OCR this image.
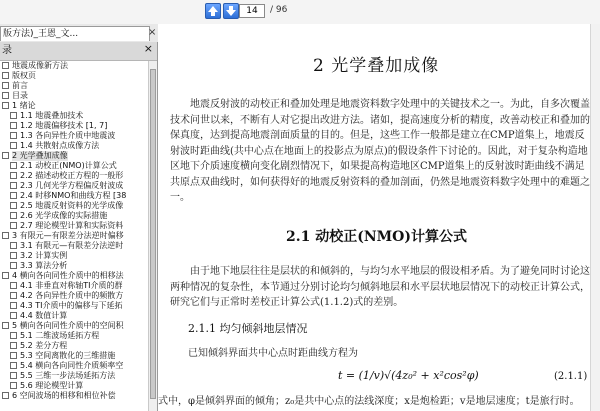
14
/ 96
版方法)_王恩_文...	×
录	×
地震成像新方法
版权页
前言
目录
1 绪论
1.1 地震叠加技术
1.2 地震偏移技术 [1, 7]
1.3 各向异性介质中地震波
1.4 共散射点成像方法
2 光学叠加成像
2.1 动校正(NMO)计算公式
2.2 描述动校正方程的一般形
2.3 几何光学方程偏反射波成
2.4 时移NMO和曲线方程 [38
2.5 地震反射资料的光学成像
2.6 光学成像的实际措施
2.7 理论模型计算和实际资料
3 有限元—有限差分法逆时偏移
3.1 有限元—有限差分法逆时
3.2 计算实例
3.3 算法分析
4 横向各向同性介质中的相移法
4.1 非垂直对称轴TI介质的群
4.2 各向异性介质中的频散方
4.3 TI介质中的偏移与下延拓
4.4 数值计算
5 横向各向同性介质中的空间积
5.1 二维波场延拓方程
5.2 差分方程
5.3 空间离散化的三维措施
5.4 横向各向同性介质频率空
5.5 三维一步法场延拓方法
5.6 理论模型计算
6 空间波场的相移和相位补偿
2 光学叠加成像
地震反射波的动校正和叠加处理是地震资料数字处理中的关键技术之一。为此，自多次覆盖技术问世以来，不断有人对它提出改进方法。诸如，提高速度分析的精度，改善动校正和叠加的保真度，达到提高地震剖面质量的目的。但是，这些工作一般都是建立在CMP道集上，地震反射波时距曲线(共中心点在地面上的投影点为原点)的假设条件下讨论的。因此，对于复杂构造地区地下介质速度横向变化剧烈情况下，如果提高构造地区CMP道集上的反射波时距曲线不满足共原点双曲线时，如何获得好的地震反射资料的叠加剖面，仍然是地震资料数字处理中的难题之一。
2.1 动校正(NMO)计算公式
由于地下地层往往是层状的和倾斜的，与均匀水平地层的假设相矛盾。为了避免同时讨论这两种情况的复杂性，本节通过分别讨论均匀倾斜地层和水平层状地层情况下的动校正计算公式，研究它们与正常时差校正计算公式(1.1.2)式的差别。
2.1.1 均匀倾斜地层情况
已知倾斜界面共中心点时距曲线方程为
t = (1/v)√(4z₀² + x²cos²φ)	(2.1.1)
式中，φ是倾斜界面的倾角；z₀是共中心点的法线深度；x是炮检距；v是地层速度；t是旅行时。
